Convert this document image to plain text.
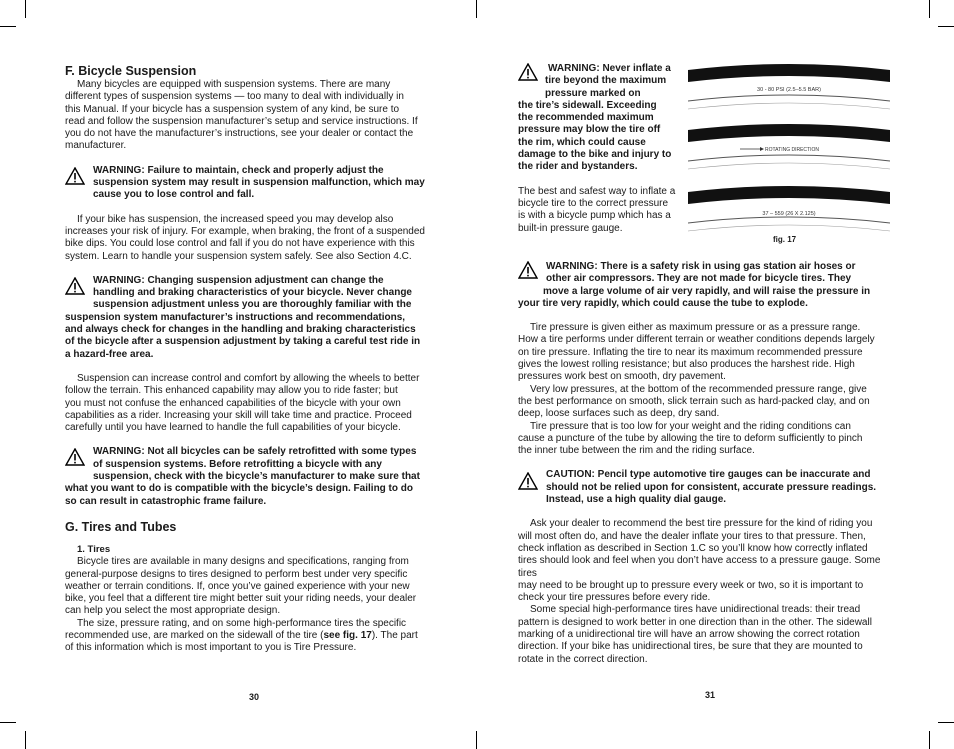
F. Bicycle Suspension

Many bicycles are equipped with suspension systems. There are many

different types of suspension systems — too many to deal with individually in

this Manual. If your bicycle has a suspension system of any kind, be sure to

read and follow the suspension manufacturer’s setup and service instructions. If

you do not have the manufacturer’s instructions, see your dealer or contact the

manufacturer.

WARNING: Failure to maintain, check and properly adjust the

suspension system may result in suspension malfunction, which may

cause you to lose control and fall.

If your bike has suspension, the increased speed you may develop also

increases your risk of injury. For example, when braking, the front of a suspended

bike dips. You could lose control and fall if you do not have experience with this

system. Learn to handle your suspension system safely. See also Section 4.C.

WARNING: Changing suspension adjustment can change the

handling and braking characteristics of your bicycle. Never change

suspension adjustment unless you are thoroughly familiar with the

suspension system manufacturer’s instructions and recommendations,

and always check for changes in the handling and braking characteristics

of the bicycle after a suspension adjustment by taking a careful test ride in

a hazard-free area.

Suspension can increase control and comfort by allowing the wheels to better

follow the terrain. This enhanced capability may allow you to ride faster; but

you must not confuse the enhanced capabilities of the bicycle with your own

capabilities as a rider. Increasing your skill will take time and practice. Proceed

carefully until you have learned to handle the full capabilities of your bicycle.

WARNING: Not all bicycles can be safely retrofitted with some types

of suspension systems. Before retrofitting a bicycle with any

suspension, check with the bicycle’s manufacturer to make sure that

what you want to do is compatible with the bicycle’s design. Failing to do

so can result in catastrophic frame failure.

G. Tires and Tubes

1. Tires

Bicycle tires are available in many designs and specifications, ranging from

general-purpose designs to tires designed to perform best under very specific

weather or terrain conditions. If, once you’ve gained experience with your new

bike, you feel that a different tire might better suit your riding needs, your dealer

can help you select the most appropriate design.

The size, pressure rating, and on some high-performance tires the specific

recommended use, are marked on the sidewall of the tire (see fig. 17). The part

of this information which is most important to you is Tire Pressure.

30

WARNING: Never inflate a

tire beyond the maximum

pressure marked on

the tire’s sidewall. Exceeding

the recommended maximum

pressure may blow the tire off

the rim, which could cause

damage to the bike and injury to

the rider and bystanders.

The best and safest way to inflate a

bicycle tire to the correct pressure

is with a bicycle pump which has a

built-in pressure gauge.

30 - 80 PSI (2.5–5.5 BAR)
ROTATING DIRECTION
37 – 559 (26 X 2.125)
fig. 17

WARNING: There is a safety risk in using gas station air hoses or

other air compressors. They are not made for bicycle tires. They

move a large volume of air very rapidly, and will raise the pressure in

your tire very rapidly, which could cause the tube to explode.

Tire pressure is given either as maximum pressure or as a pressure range.

How a tire performs under different terrain or weather conditions depends largely

on tire pressure. Inflating the tire to near its maximum recommended pressure

gives the lowest rolling resistance; but also produces the harshest ride. High

pressures work best on smooth, dry pavement.

Very low pressures, at the bottom of the recommended pressure range, give

the best performance on smooth, slick terrain such as hard-packed clay, and on

deep, loose surfaces such as deep, dry sand.

Tire pressure that is too low for your weight and the riding conditions can

cause a puncture of the tube by allowing the tire to deform sufficiently to pinch

the inner tube between the rim and the riding surface.

CAUTION: Pencil type automotive tire gauges can be inaccurate and

should not be relied upon for consistent, accurate pressure readings.

Instead, use a high quality dial gauge.

Ask your dealer to recommend the best tire pressure for the kind of riding you

will most often do, and have the dealer inflate your tires to that pressure. Then,

check inflation as described in Section 1.C so you’ll know how correctly inflated

tires should look and feel when you don’t have access to a pressure gauge. Some tires

may need to be brought up to pressure every week or two, so it is important to

check your tire pressures before every ride.

Some special high-performance tires have unidirectional treads: their tread

pattern is designed to work better in one direction than in the other. The sidewall

marking of a unidirectional tire will have an arrow showing the correct rotation

direction. If your bike has unidirectional tires, be sure that they are mounted to

rotate in the correct direction.

31
